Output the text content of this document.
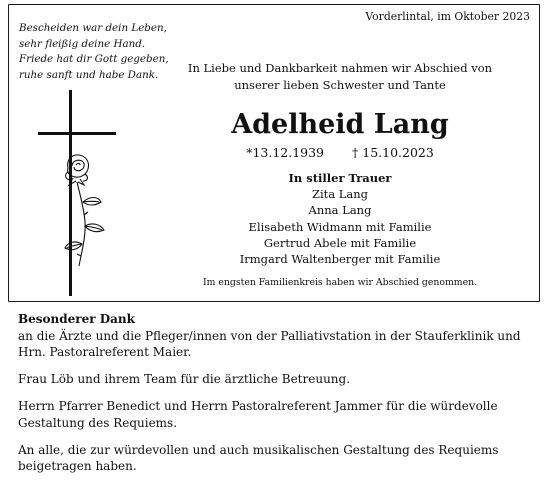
Bescheiden war dein Leben,
sehr fleißig deine Hand.
Friede hat dir Gott gegeben,
ruhe sanft und habe Dank.
Vorderlintal, im Oktober 2023
In Liebe und Dankbarkeit nahmen wir Abschied von
unserer lieben Schwester und Tante
Adelheid Lang
*13.12.1939 † 15.10.2023
In stiller Trauer
Zita Lang
Anna Lang
Elisabeth Widmann mit Familie
Gertrud Abele mit Familie
Irmgard Waltenberger mit Familie
Im engsten Familienkreis haben wir Abschied genommen.
Besonderer Dank

an die Ärzte und die Pfleger/innen von der Palliativstation in der Stauferklinik und
Hrn. Pastoralreferent Maier.

Frau Löb und ihrem Team für die ärztliche Betreuung.

Herrn Pfarrer Benedict und Herrn Pastoralreferent Jammer für die würdevolle
Gestaltung des Requiems.

An alle, die zur würdevollen und auch musikalischen Gestaltung des Requiems
beigetragen haben.
